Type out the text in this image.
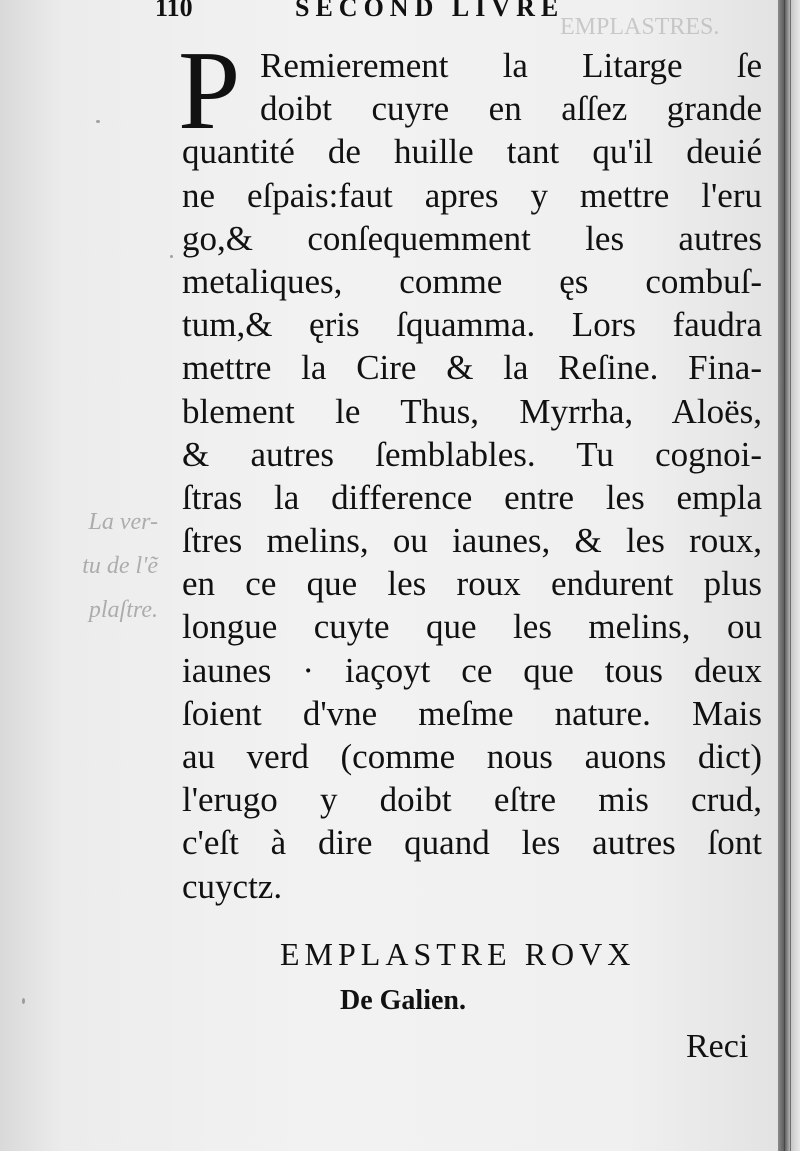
EMPLASTRES.
La ver-
tu de l'ẽ
plaſtre.
110	SECOND LIVRE
P Remierement la Litarge ſe
doibt cuyre en aſſez grande
quantité de huille tant qu'il deuié
ne eſpais:faut apres y mettre l'eru
go,& conſequemment les autres
metaliques, comme ęs combuſ-
tum,& ęris ſquamma. Lors faudra
mettre la Cire & la Reſine. Fina-
blement le Thus, Myrrha, Aloës,
& autres ſemblables. Tu cognoi-
ſtras la difference entre les empla
ſtres melins, ou iaunes, & les roux,
en ce que les roux endurent plus
longue cuyte que les melins, ou
iaunes · iaçoyt ce que tous deux
ſoient d'vne meſme nature. Mais
au verd (comme nous auons dict)
l'erugo y doibt eſtre mis crud,
c'eſt à dire quand les autres ſont
cuyctz.
EMPLASTRE ROVX
De Galien.
Reci
